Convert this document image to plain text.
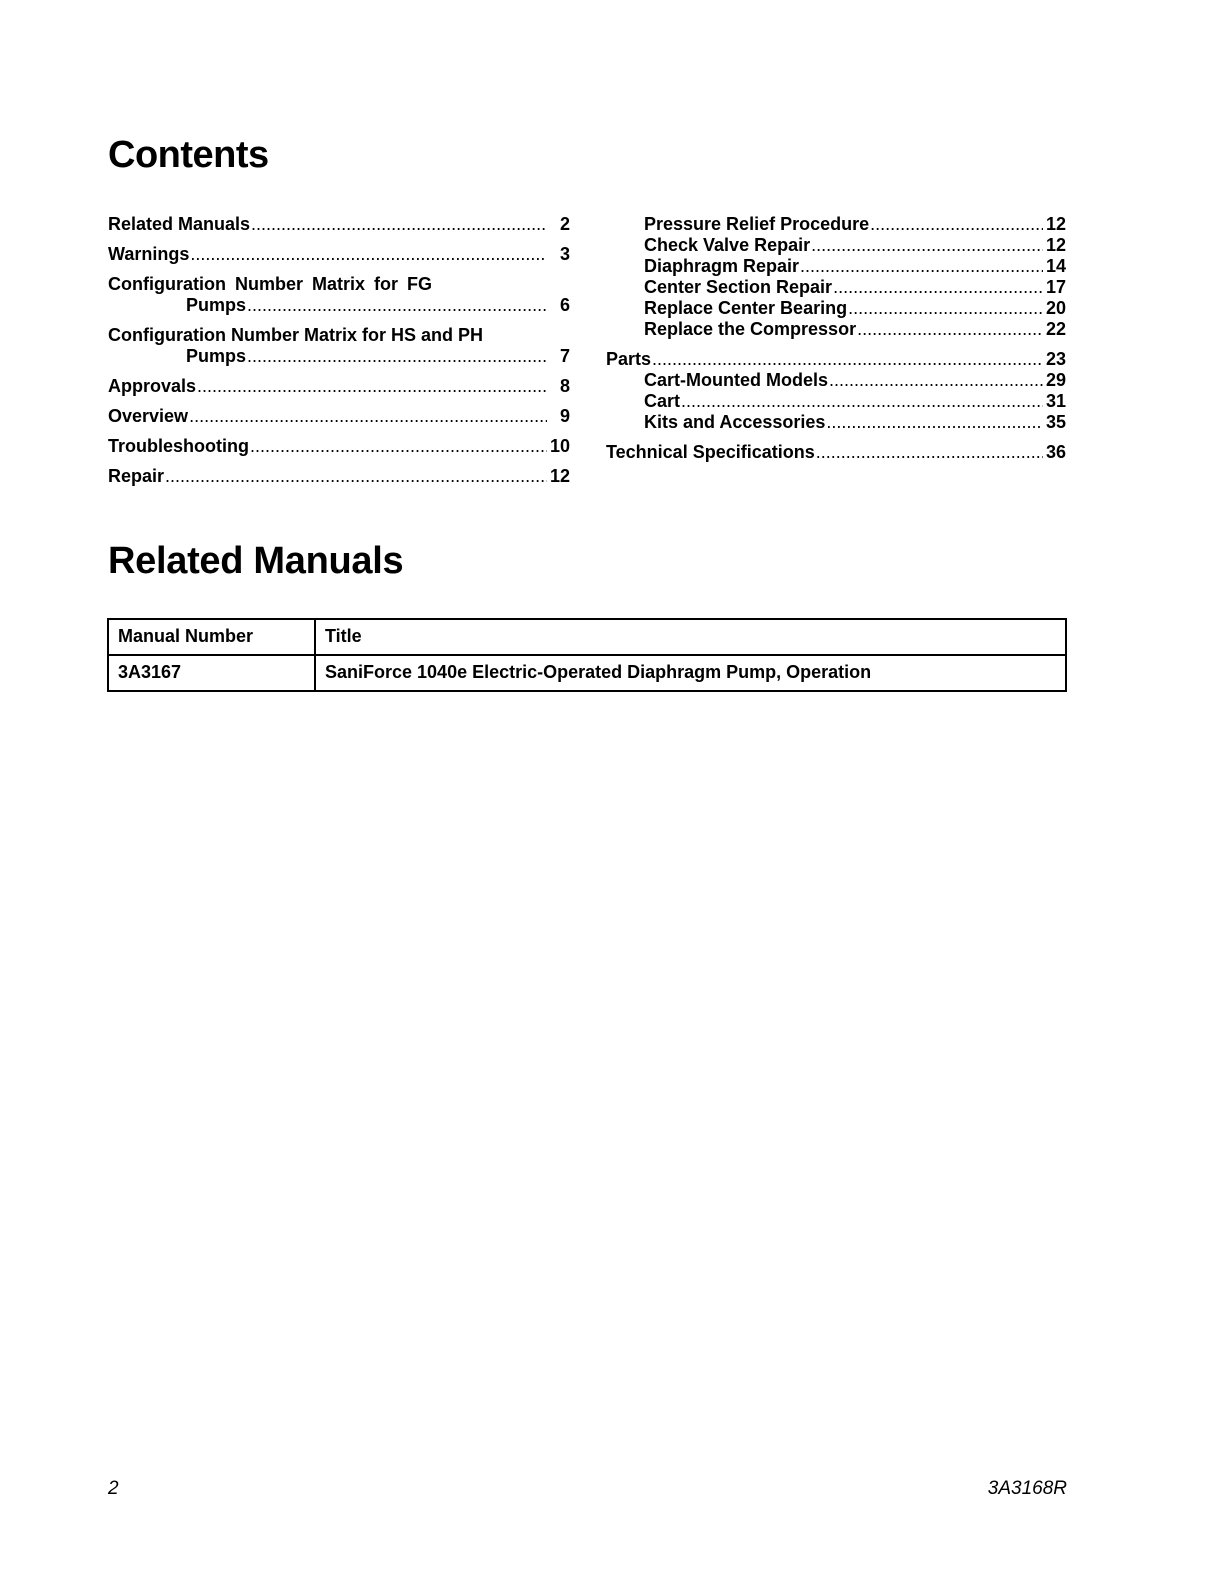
Contents
Related Manuals .....	2
Warnings .....	3
Configuration Number Matrix for FG
Pumps .....	6
Configuration Number Matrix for HS and PH
Pumps .....	7
Approvals .....	8
Overview .....	9
Troubleshooting .....	10
Repair .....	12
Pressure Relief Procedure .....	12
Check Valve Repair .....	12
Diaphragm Repair .....	14
Center Section Repair .....	17
Replace Center Bearing .....	20
Replace the Compressor .....	22
Parts .....	23
Cart-Mounted Models .....	29
Cart .....	31
Kits and Accessories .....	35
Technical Specifications .....	36
Related Manuals
Manual Number	Title
3A3167	SaniForce 1040e Electric-Operated Diaphragm Pump, Operation
2	3A3168R
